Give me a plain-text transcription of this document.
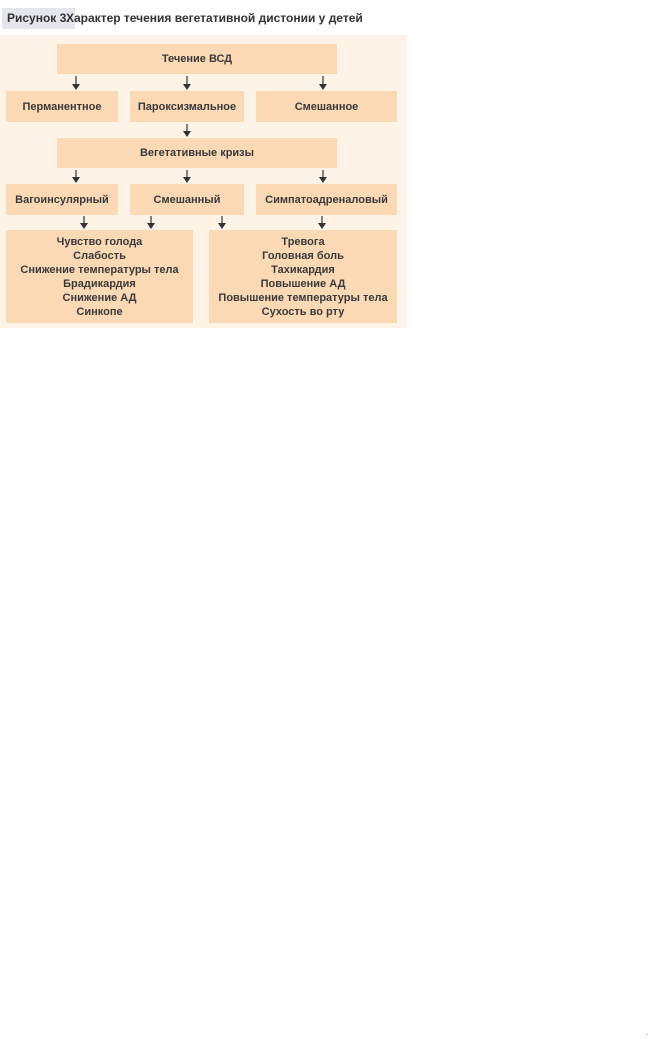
Рисунок 3.
Характер течения вегетативной дистонии у детей
Течение ВСД
Перманентное	Пароксизмальное	Смешанное
Вегетативные кризы
Вагоинсулярный	Смешанный	Симпатоадреналовый
Чувство голода
Слабость
Снижение температуры тела
Брадикардия
Снижение АД
Синкопе
Тревога
Головная боль
Тахикардия
Повышение АД
Повышение температуры тела
Сухость во рту
.
